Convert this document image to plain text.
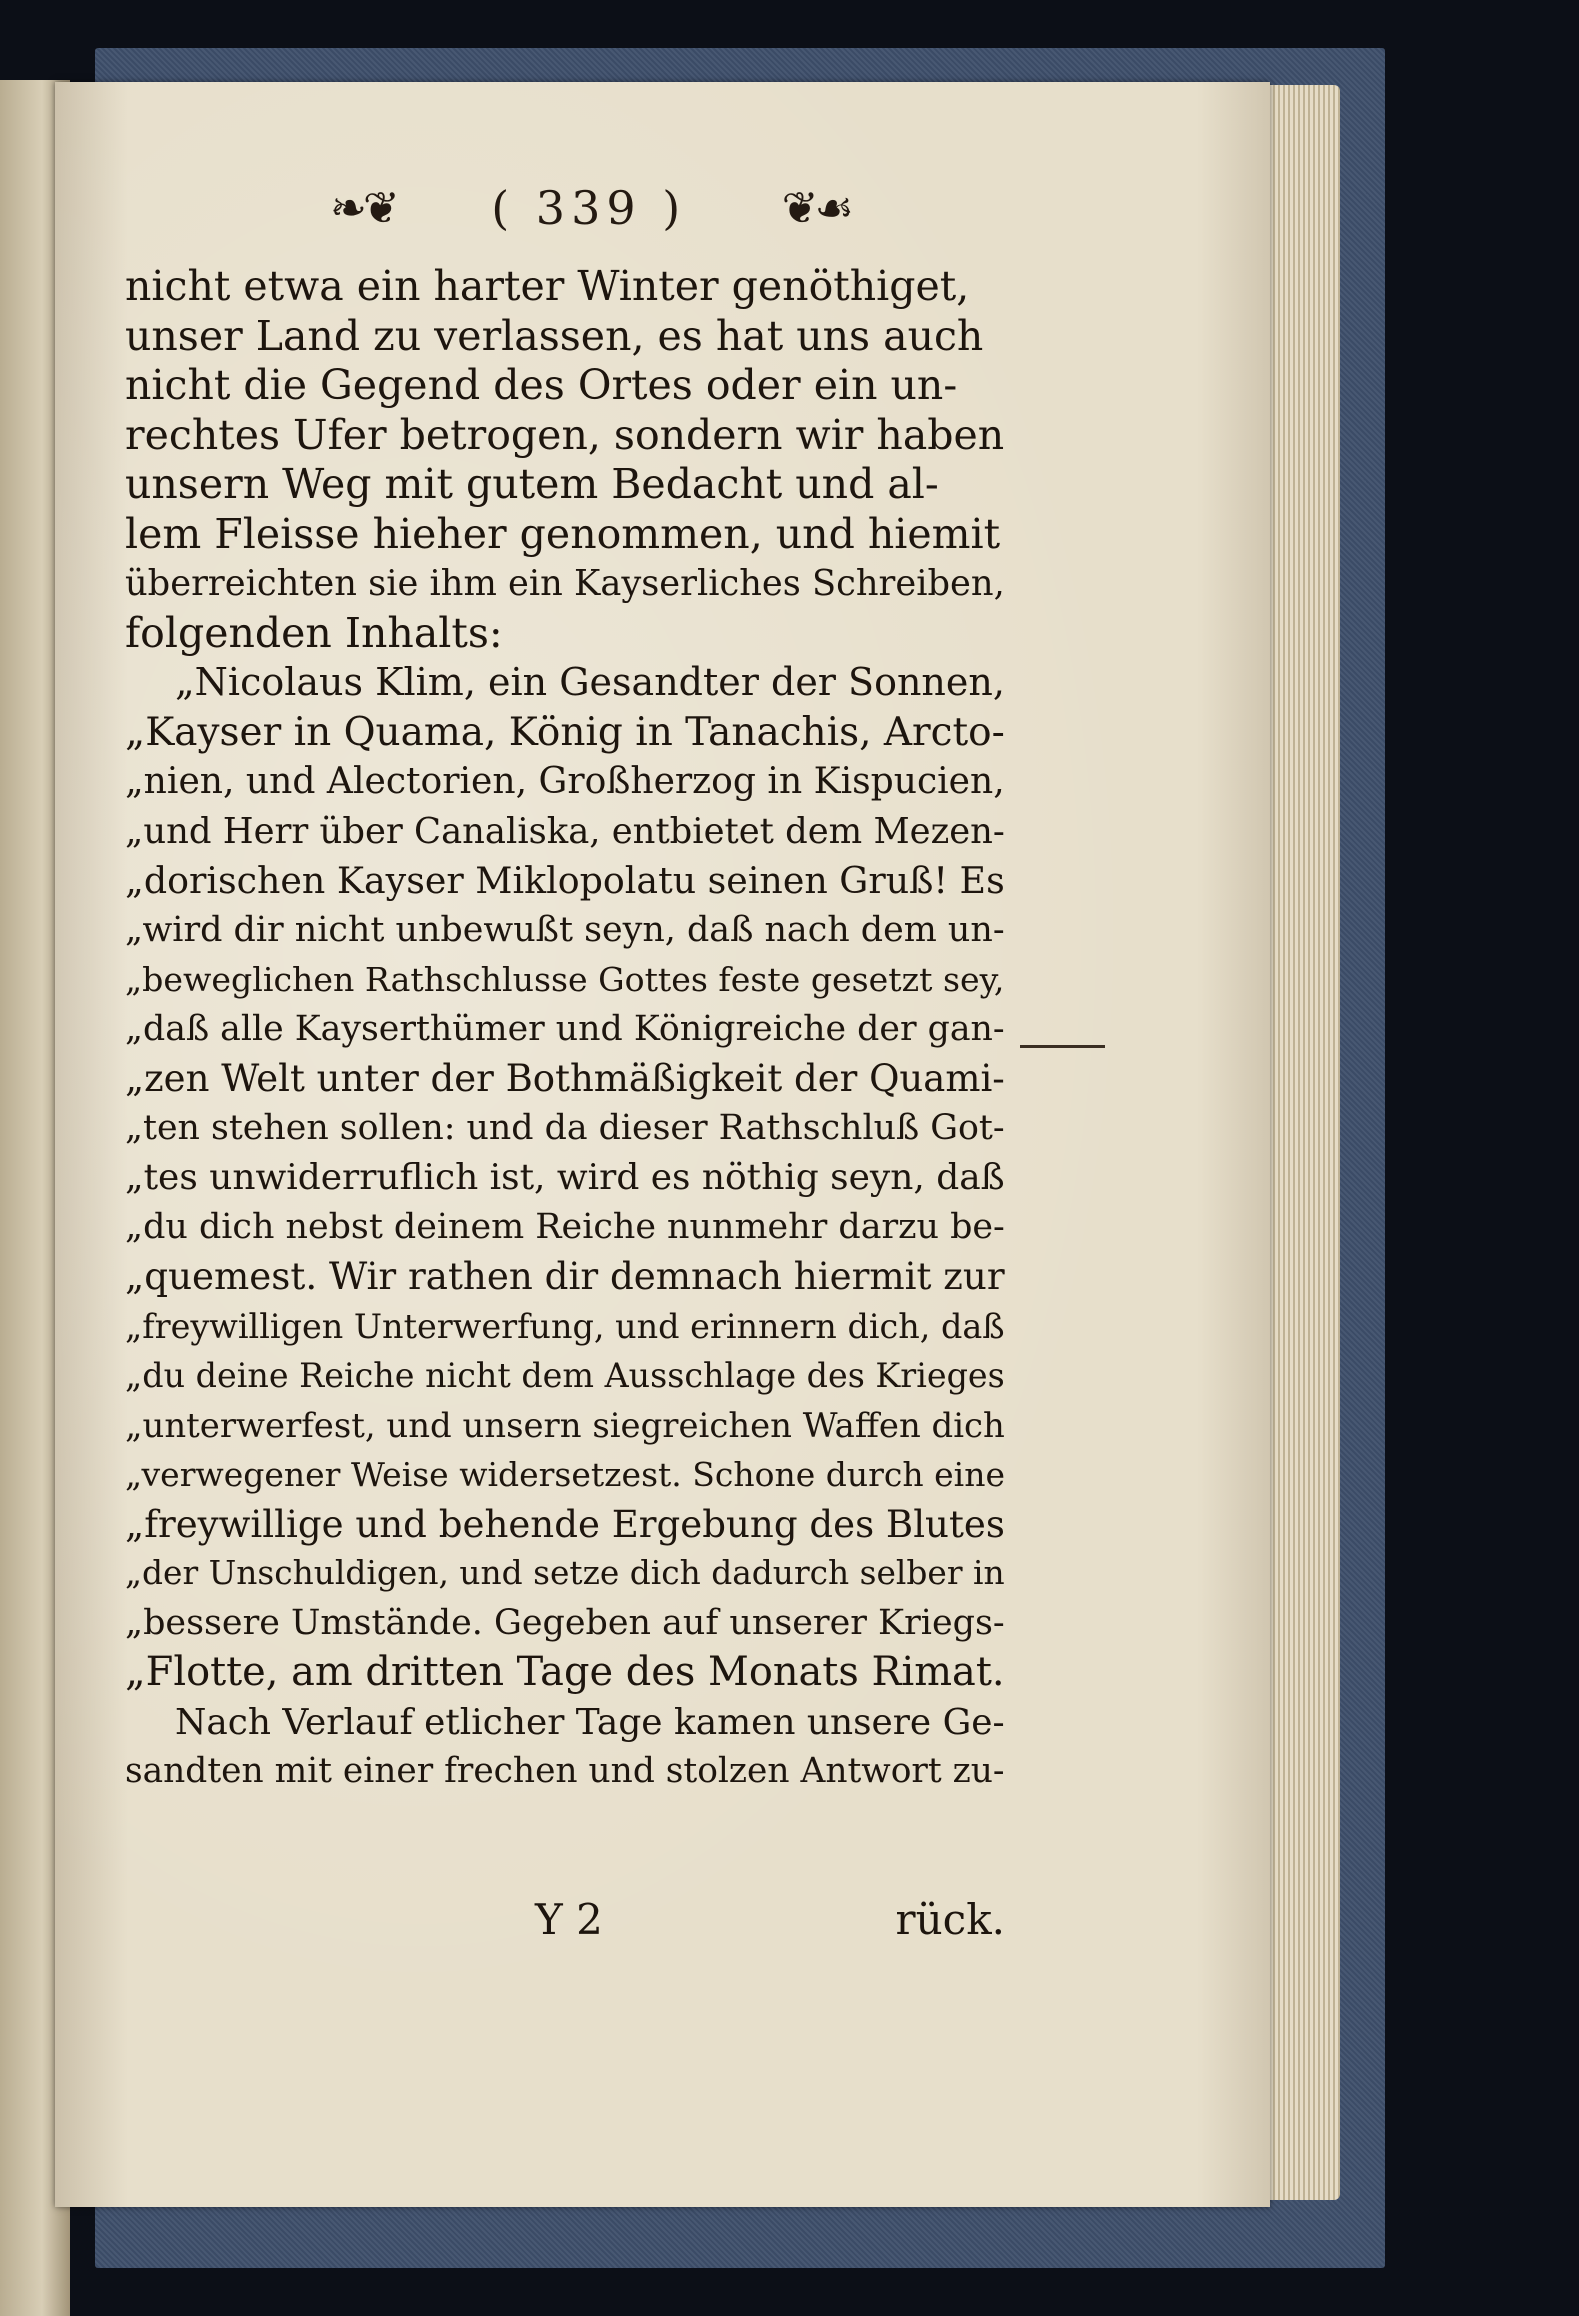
❧❦ ( 339 ) ❦☙
nicht etwa ein harter Winter genöthiget,
unser Land zu verlassen, es hat uns auch
nicht die Gegend des Ortes oder ein un-
rechtes Ufer betrogen, sondern wir haben
unsern Weg mit gutem Bedacht und al-
lem Fleisse hieher genommen, und hiemit
überreichten sie ihm ein Kayserliches Schreiben,
folgenden Inhalts:
„Nicolaus Klim, ein Gesandter der Sonnen,
„Kayser in Quama, König in Tanachis, Arcto-
„nien, und Alectorien, Großherzog in Kispucien,
„und Herr über Canaliska, entbietet dem Mezen-
„dorischen Kayser Miklopolatu seinen Gruß! Es
„wird dir nicht unbewußt seyn, daß nach dem un-
„beweglichen Rathschlusse Gottes feste gesetzt sey,
„daß alle Kayserthümer und Königreiche der gan-
„zen Welt unter der Bothmäßigkeit der Quami-
„ten stehen sollen: und da dieser Rathschluß Got-
„tes unwiderruflich ist, wird es nöthig seyn, daß
„du dich nebst deinem Reiche nunmehr darzu be-
„quemest. Wir rathen dir demnach hiermit zur
„freywilligen Unterwerfung, und erinnern dich, daß
„du deine Reiche nicht dem Ausschlage des Krieges
„unterwerfest, und unsern siegreichen Waffen dich
„verwegener Weise widersetzest. Schone durch eine
„freywillige und behende Ergebung des Blutes
„der Unschuldigen, und setze dich dadurch selber in
„bessere Umstände. Gegeben auf unserer Kriegs-
„Flotte, am dritten Tage des Monats Rimat.
Nach Verlauf etlicher Tage kamen unsere Ge-
sandten mit einer frechen und stolzen Antwort zu-
Y 2	rück.
